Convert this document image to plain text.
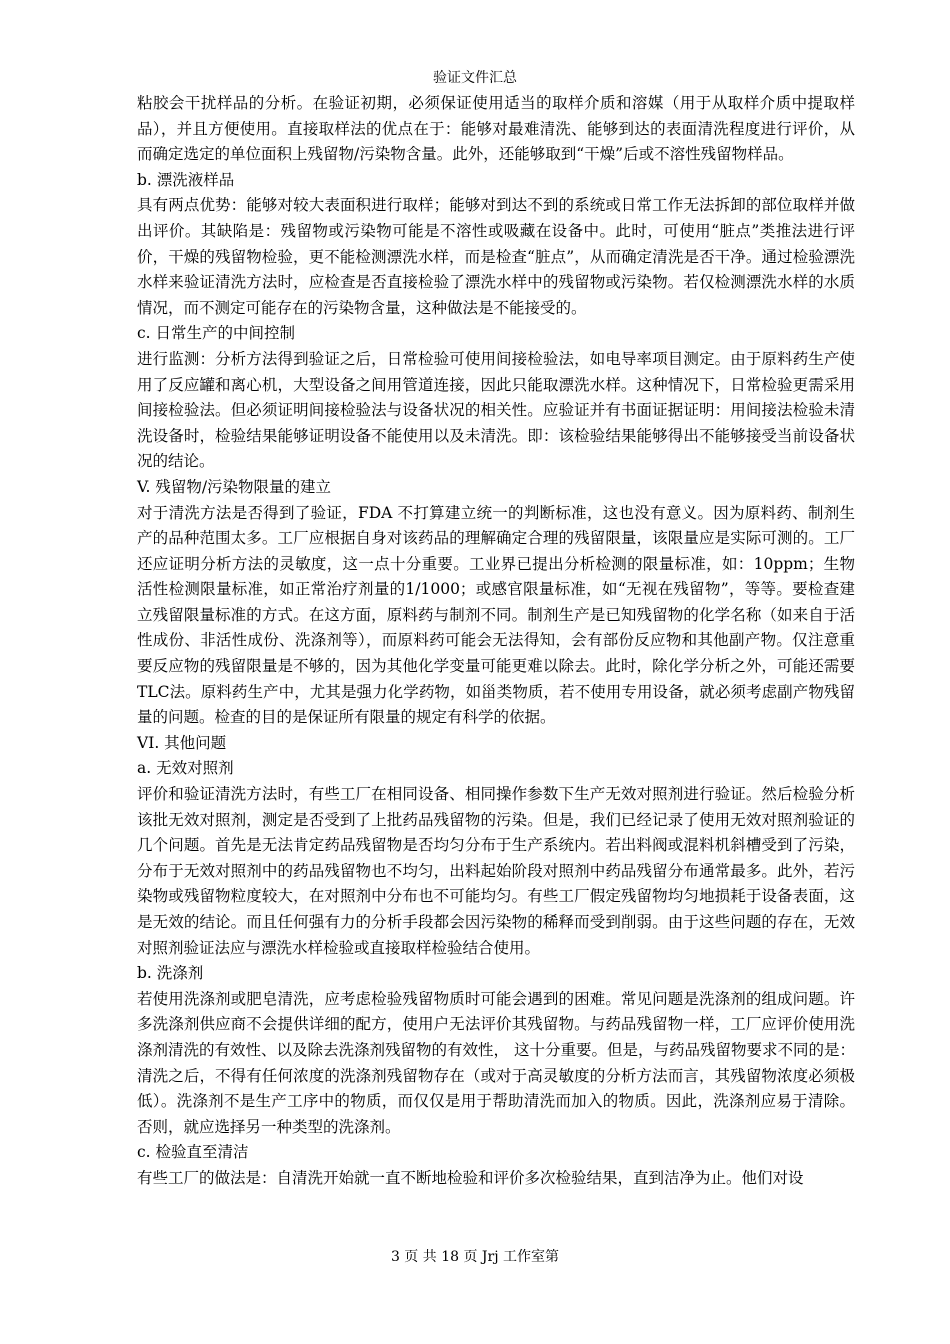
验证文件汇总
粘胶会干扰样品的分析。在验证初期，必须保证使用适当的取样介质和溶媒（用于从取样介质中提取样品），并且方便使用。直接取样法的优点在于：能够对最难清洗、能够到达的表面清洗程度进行评价，从而确定选定的单位面积上残留物/污染物含量。此外，还能够取到“干燥”后或不溶性残留物样品。
b. 漂洗液样品
具有两点优势：能够对较大表面积进行取样；能够对到达不到的系统或日常工作无法拆卸的部位取样并做出评价。其缺陷是：残留物或污染物可能是不溶性或吸藏在设备中。此时，可使用“脏点”类推法进行评价，干燥的残留物检验，更不能检测漂洗水样，而是检查“脏点”，从而确定清洗是否干净。通过检验漂洗水样来验证清洗方法时，应检查是否直接检验了漂洗水样中的残留物或污染物。若仅检测漂洗水样的水质情况，而不测定可能存在的污染物含量，这种做法是不能接受的。
c. 日常生产的中间控制
进行监测：分析方法得到验证之后，日常检验可使用间接检验法，如电导率项目测定。由于原料药生产使用了反应罐和离心机，大型设备之间用管道连接，因此只能取漂洗水样。这种情况下，日常检验更需采用间接检验法。但必须证明间接检验法与设备状况的相关性。应验证并有书面证据证明：用间接法检验未清洗设备时，检验结果能够证明设备不能使用以及未清洗。即：该检验结果能够得出不能够接受当前设备状况的结论。
V. 残留物/污染物限量的建立
对于清洗方法是否得到了验证，FDA 不打算建立统一的判断标准，这也没有意义。因为原料药、制剂生产的品种范围太多。工厂应根据自身对该药品的理解确定合理的残留限量，该限量应是实际可测的。工厂还应证明分析方法的灵敏度，这一点十分重要。工业界已提出分析检测的限量标准，如：10ppm；生物活性检测限量标准，如正常治疗剂量的1/1000；或感官限量标准，如“无视在残留物”，等等。要检查建立残留限量标准的方式。在这方面，原料药与制剂不同。制剂生产是已知残留物的化学名称（如来自于活性成份、非活性成份、洗涤剂等），而原料药可能会无法得知，会有部份反应物和其他副产物。仅注意重要反应物的残留限量是不够的，因为其他化学变量可能更难以除去。此时，除化学分析之外，可能还需要TLC法。原料药生产中，尤其是强力化学药物，如甾类物质，若不使用专用设备，就必须考虑副产物残留量的问题。检查的目的是保证所有限量的规定有科学的依据。
VI. 其他问题
a. 无效对照剂
评价和验证清洗方法时，有些工厂在相同设备、相同操作参数下生产无效对照剂进行验证。然后检验分析该批无效对照剂，测定是否受到了上批药品残留物的污染。但是，我们已经记录了使用无效对照剂验证的几个问题。首先是无法肯定药品残留物是否均匀分布于生产系统内。若出料阀或混料机斜槽受到了污染，分布于无效对照剂中的药品残留物也不均匀，出料起始阶段对照剂中药品残留分布通常最多。此外，若污染物或残留物粒度较大，在对照剂中分布也不可能均匀。有些工厂假定残留物均匀地损耗于设备表面，这是无效的结论。而且任何强有力的分析手段都会因污染物的稀释而受到削弱。由于这些问题的存在，无效对照剂验证法应与漂洗水样检验或直接取样检验结合使用。
b. 洗涤剂
若使用洗涤剂或肥皂清洗，应考虑检验残留物质时可能会遇到的困难。常见问题是洗涤剂的组成问题。许多洗涤剂供应商不会提供详细的配方，使用户无法评价其残留物。与药品残留物一样，工厂应评价使用洗涤剂清洗的有效性、以及除去洗涤剂残留物的有效性， 这十分重要。但是，与药品残留物要求不同的是：清洗之后，不得有任何浓度的洗涤剂残留物存在（或对于高灵敏度的分析方法而言，其残留物浓度必须极低）。洗涤剂不是生产工序中的物质，而仅仅是用于帮助清洗而加入的物质。因此，洗涤剂应易于清除。否则，就应选择另一种类型的洗涤剂。
c. 检验直至清洁
有些工厂的做法是：自清洗开始就一直不断地检验和评价多次检验结果，直到洁净为止。他们对设
3 页 共 18 页 Jrj 工作室第
